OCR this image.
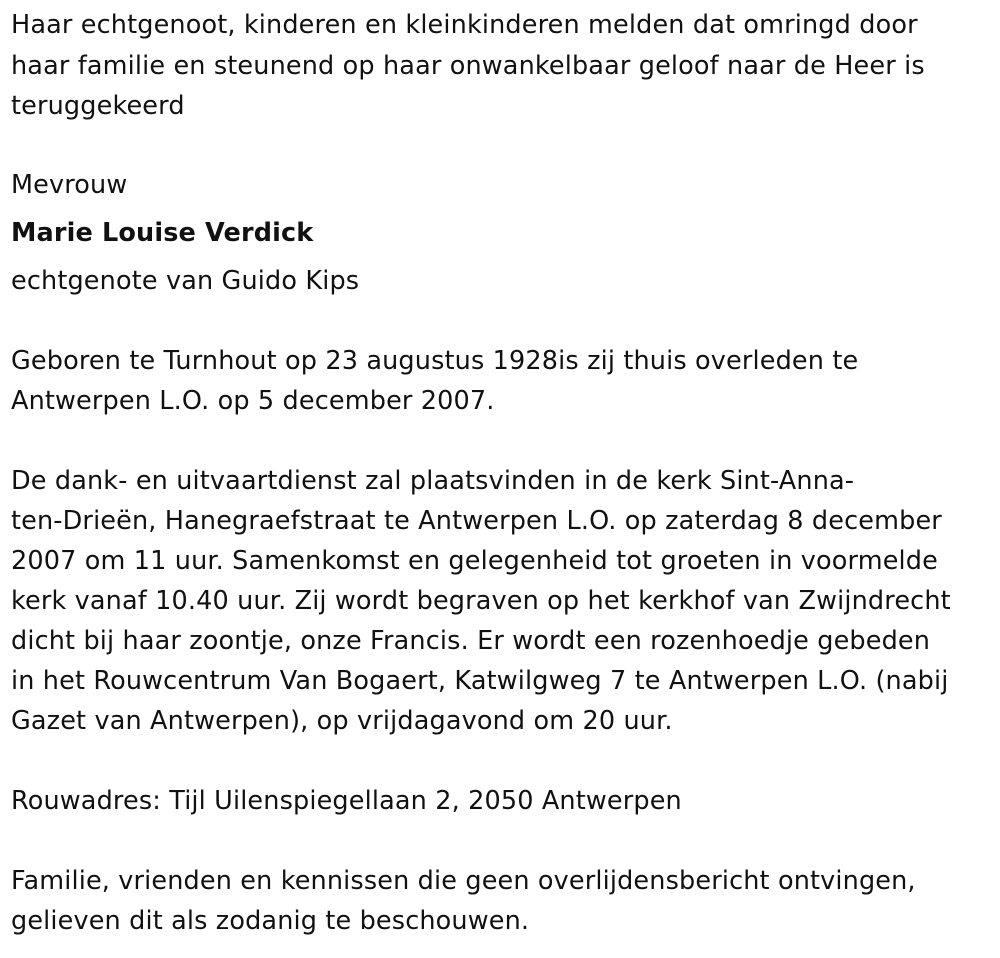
Haar echtgenoot, kinderen en kleinkinderen melden dat omringd door
haar familie en steunend op haar onwankelbaar geloof naar de Heer is
teruggekeerd
Mevrouw
Marie Louise Verdick
echtgenote van Guido Kips
Geboren te Turnhout op 23 augustus 1928is zij thuis overleden te
Antwerpen L.O. op 5 december 2007.
De dank- en uitvaartdienst zal plaatsvinden in de kerk Sint-Anna-
ten-Drieën, Hanegraefstraat te Antwerpen L.O. op zaterdag 8 december
2007 om 11 uur. Samenkomst en gelegenheid tot groeten in voormelde
kerk vanaf 10.40 uur. Zij wordt begraven op het kerkhof van Zwijndrecht
dicht bij haar zoontje, onze Francis. Er wordt een rozenhoedje gebeden
in het Rouwcentrum Van Bogaert, Katwilgweg 7 te Antwerpen L.O. (nabij
Gazet van Antwerpen), op vrijdagavond om 20 uur.
Rouwadres: Tijl Uilenspiegellaan 2, 2050 Antwerpen
Familie, vrienden en kennissen die geen overlijdensbericht ontvingen,
gelieven dit als zodanig te beschouwen.
